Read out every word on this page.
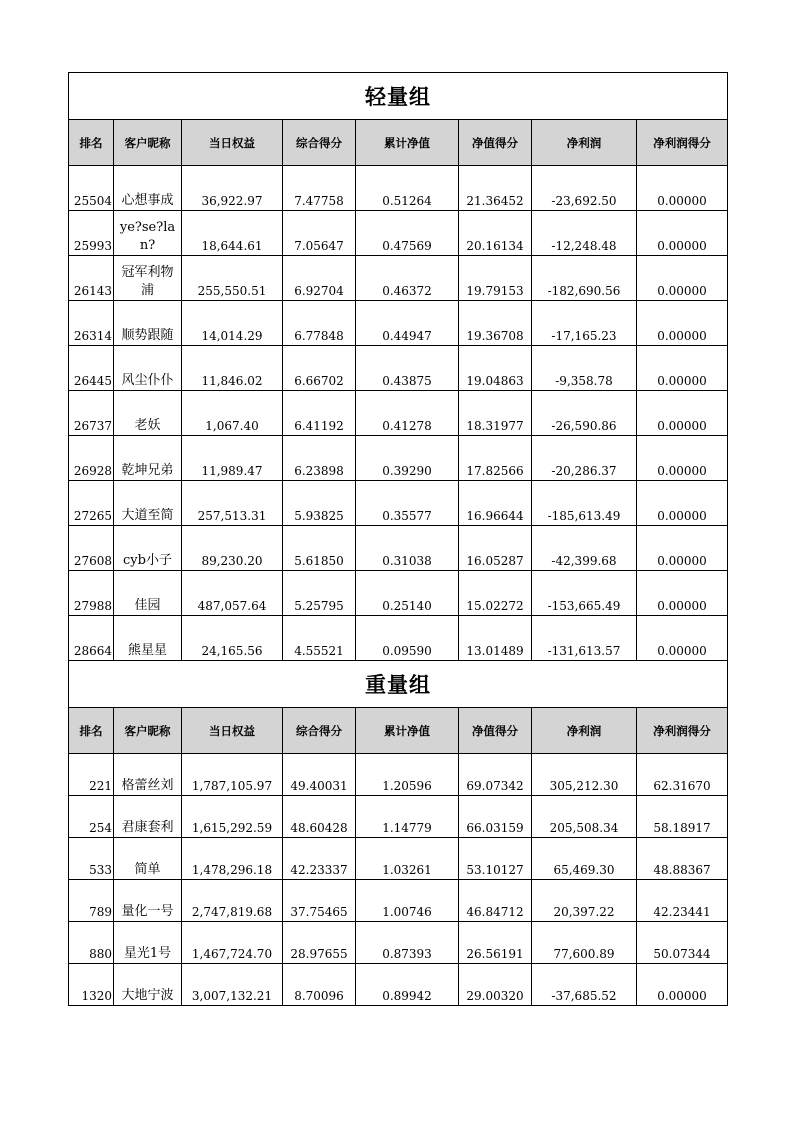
轻量组							
排名	客户昵称	当日权益	综合得分	累计净值	净值得分	净利润	净利润得分
25504	心想事成	36,922.97	7.47758	0.51264	21.36452	-23,692.50	0.00000
25993	ye?se?lan?	18,644.61	7.05647	0.47569	20.16134	-12,248.48	0.00000
26143	冠军利物浦	255,550.51	6.92704	0.46372	19.79153	-182,690.56	0.00000
26314	顺势跟随	14,014.29	6.77848	0.44947	19.36708	-17,165.23	0.00000
26445	风尘仆仆	11,846.02	6.66702	0.43875	19.04863	-9,358.78	0.00000
26737	老妖	1,067.40	6.41192	0.41278	18.31977	-26,590.86	0.00000
26928	乾坤兄弟	11,989.47	6.23898	0.39290	17.82566	-20,286.37	0.00000
27265	大道至简	257,513.31	5.93825	0.35577	16.96644	-185,613.49	0.00000
27608	cyb小子	89,230.20	5.61850	0.31038	16.05287	-42,399.68	0.00000
27988	佳园	487,057.64	5.25795	0.25140	15.02272	-153,665.49	0.00000
28664	熊星星	24,165.56	4.55521	0.09590	13.01489	-131,613.57	0.00000
重量组							
排名	客户昵称	当日权益	综合得分	累计净值	净值得分	净利润	净利润得分
221	格蕾丝刘	1,787,105.97	49.40031	1.20596	69.07342	305,212.30	62.31670
254	君康套利	1,615,292.59	48.60428	1.14779	66.03159	205,508.34	58.18917
533	简单	1,478,296.18	42.23337	1.03261	53.10127	65,469.30	48.88367
789	量化一号	2,747,819.68	37.75465	1.00746	46.84712	20,397.22	42.23441
880	星光1号	1,467,724.70	28.97655	0.87393	26.56191	77,600.89	50.07344
1320	大地宁波	3,007,132.21	8.70096	0.89942	29.00320	-37,685.52	0.00000
